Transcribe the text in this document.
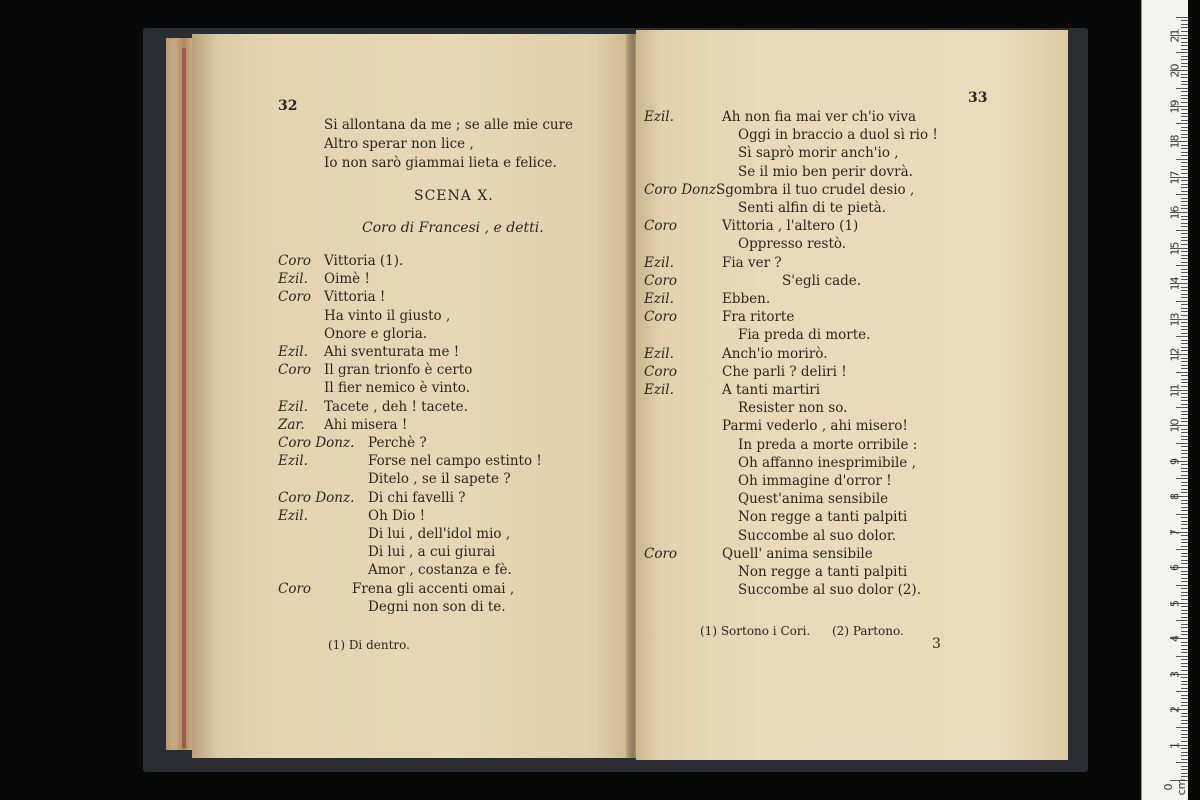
32
Si allontana da me ; se alle mie cure
Altro sperar non lice ,
Io non sarò giammai lieta e felice.
SCENA X.
Coro di Francesi , e detti.
Coro Vittoria (1).
Ezil. Oimè !
Coro Vittoria !
Ha vinto il giusto ,
Onore e gloria.
Ezil. Ahi sventurata me !
Coro Il gran trionfo è certo
Il fier nemico è vinto.
Ezil. Tacete , deh ! tacete.
Zar. Ahi misera !
Coro Donz. Perchè ?
Ezil.	Forse nel campo estinto !
Ditelo , se il sapete ?
Coro Donz. Di chi favelli ?
Ezil.	Oh Dio !
Di lui , dell'idol mio ,
Di lui , a cui giurai
Amor , costanza e fè.
Coro	Frena gli accenti omai ,
Degni non son di te.
(1) Di dentro.
33
Ezil.	Ah non fia mai ver ch'io viva
Oggi in braccio a duol sì rio !
Sì saprò morir anch'io ,
Se il mio ben perir dovrà.
Coro Donz.
Sgombra il tuo crudel desio ,
Senti alfin di te pietà.
Coro	Vittoria , l'altero (1)
Oppresso restò.
Ezil.	Fia ver ?
Coro	S'egli cade.
Ezil.	Ebben.
Coro	Fra ritorte
Fia preda di morte.
Ezil.	Anch'io morirò.
Coro	Che parli ? deliri !
Ezil.	A tanti martiri
Resister non so.
Parmi vederlo , ahi misero!
In preda a morte orribile :
Oh affanno inesprimibile ,
Oh immagine d'orror !
Quest'anima sensibile
Non regge a tanti palpiti
Succombe al suo dolor.
Coro	Quell' anima sensibile
Non regge a tanti palpiti
Succombe al suo dolor (2).
(1) Sortono i Cori. (2) Partono.
3
21
20
19
18
17
16
15
14
13
12
11
10
9
8
7
6
5
4
3
2
1
0 cm
